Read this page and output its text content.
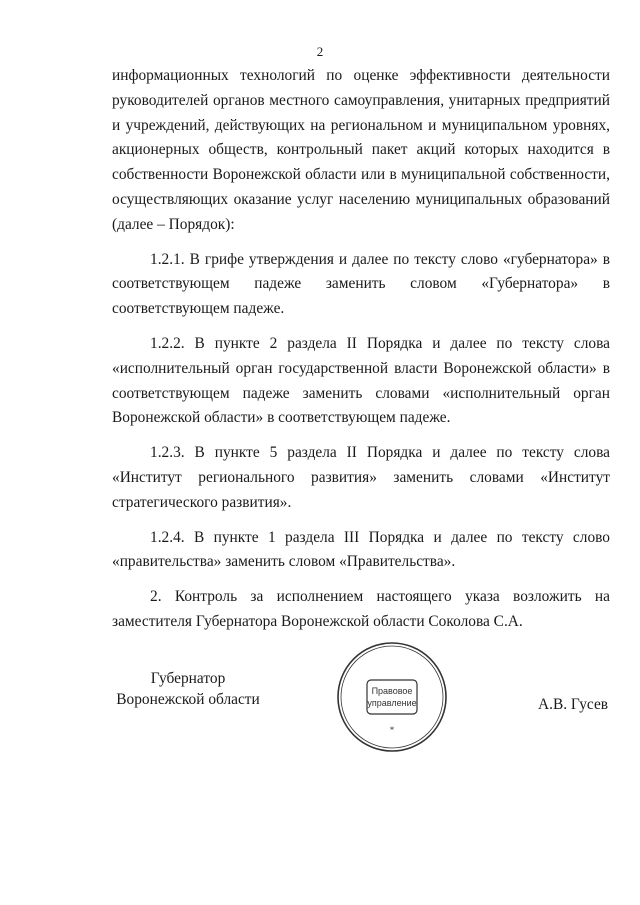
2

информационных технологий по оценке эффективности деятельности руководителей органов местного самоуправления, унитарных предприятий и учреждений, действующих на региональном и муниципальном уровнях, акционерных обществ, контрольный пакет акций которых находится в собственности Воронежской области или в муниципальной собственности, осуществляющих оказание услуг населению муниципальных образований (далее – Порядок):

1.2.1. В грифе утверждения и далее по тексту слово «губернатора» в соответствующем падеже заменить словом «Губернатора» в соответствующем падеже.

1.2.2. В пункте 2 раздела II Порядка и далее по тексту слова «исполнительный орган государственной власти Воронежской области» в соответствующем падеже заменить словами «исполнительный орган Воронежской области» в соответствующем падеже.

1.2.3. В пункте 5 раздела II Порядка и далее по тексту слова «Институт регионального развития» заменить словами «Институт стратегического развития».

1.2.4. В пункте 1 раздела III Порядка и далее по тексту слово «правительства» заменить словом «Правительства».

2. Контроль за исполнением настоящего указа возложить на заместителя Губернатора Воронежской области Соколова С.А.

Губернатор
Воронежской области	Правовое
управление
*
А.В. Гусев
